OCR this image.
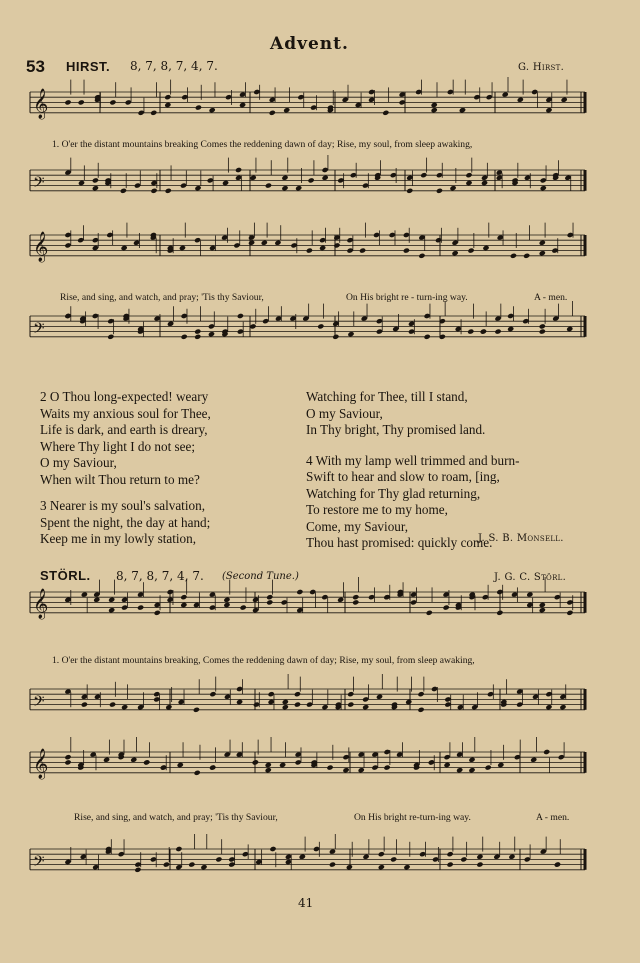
Advent.
53 HIRST. 8, 7, 8, 7, 4, 7.	G. Hirst.
𝄞
𝄢
𝄞
𝄢
𝄞
𝄢
𝄞
𝄢
1. O'er the distant mountains breaking Comes the reddening dawn of day; Rise, my soul, from sleep awaking,
Rise, and sing, and watch, and pray; 'Tis thy Saviour,	On His bright re - turn-ing way.	A - men.
2 O Thou long-expected! weary
Waits my anxious soul for Thee,
Life is dark, and earth is dreary,
Where Thy light I do not see;
O my Saviour,
When wilt Thou return to me?
3 Nearer is my soul's salvation,
Spent the night, the day at hand;
Keep me in my lowly station,
Watching for Thee, till I stand,
O my Saviour,
In Thy bright, Thy promised land.
4 With my lamp well trimmed and burn-
Swift to hear and slow to roam, [ing,
Watching for Thy glad returning,
To restore me to my home,
Come, my Saviour,
Thou hast promised: quickly come.
J. S. B. Monsell.
STÖRL. 8, 7, 8, 7, 4, 7. (Second Tune.)	J. G. C. Störl.
1. O'er the distant mountains breaking, Comes the reddening dawn of day; Rise, my soul, from sleep awaking,
Rise, and sing, and watch, and pray; 'Tis thy Saviour,	On His bright re-turn-ing way.	A - men.
41
